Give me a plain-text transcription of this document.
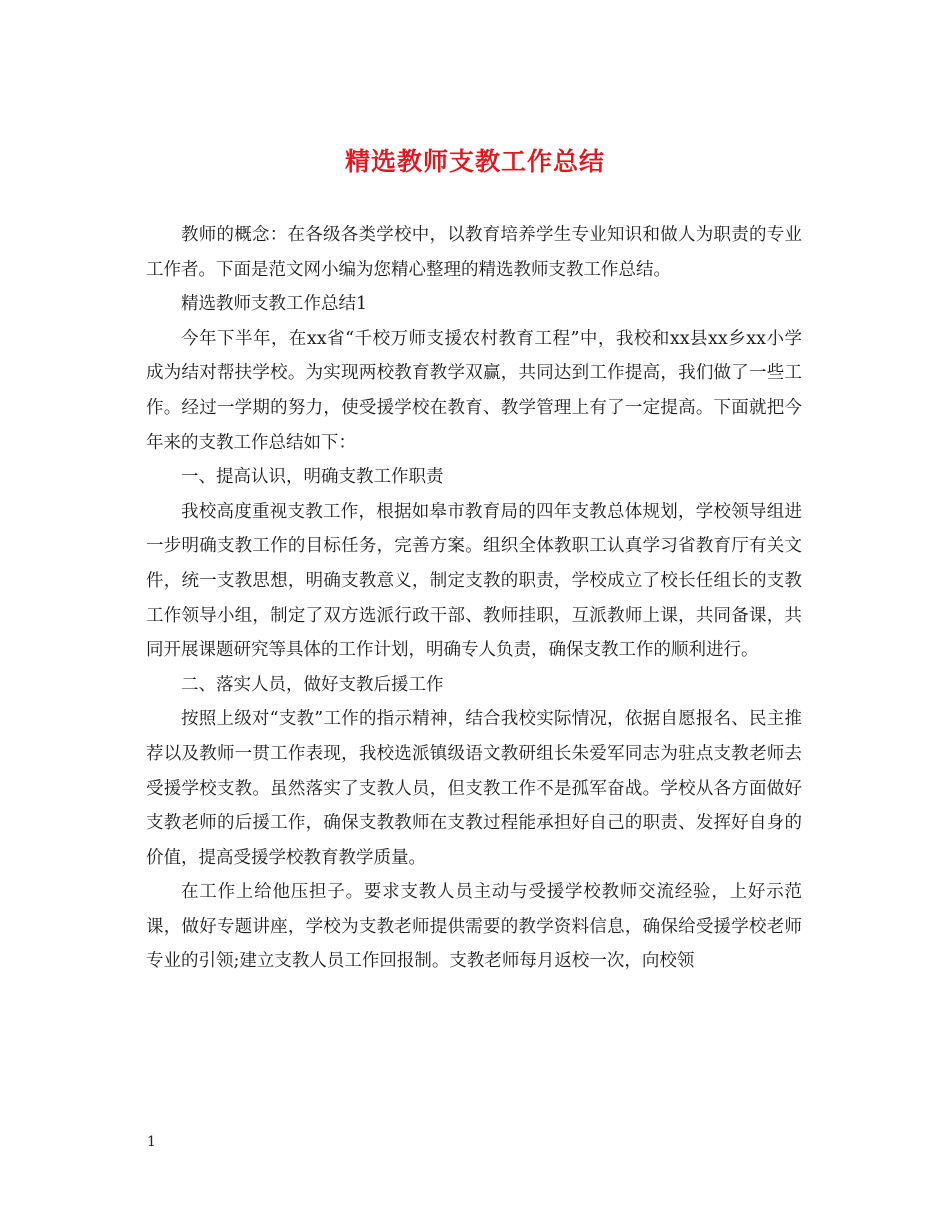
精选教师支教工作总结

教师的概念：在各级各类学校中，以教育培养学生专业知识和做人为职责的专业工作者。下面是范文网小编为您精心整理的精选教师支教工作总结。

精选教师支教工作总结1

今年下半年，在xx省“千校万师支援农村教育工程”中，我校和xx县xx乡xx小学成为结对帮扶学校。为实现两校教育教学双赢，共同达到工作提高，我们做了一些工作。经过一学期的努力，使受援学校在教育、教学管理上有了一定提高。下面就把今年来的支教工作总结如下：

一、提高认识，明确支教工作职责

我校高度重视支教工作，根据如皋市教育局的四年支教总体规划，学校领导组进一步明确支教工作的目标任务，完善方案。组织全体教职工认真学习省教育厅有关文件，统一支教思想，明确支教意义，制定支教的职责，学校成立了校长任组长的支教工作领导小组，制定了双方选派行政干部、教师挂职，互派教师上课，共同备课，共同开展课题研究等具体的工作计划，明确专人负责，确保支教工作的顺利进行。

二、落实人员，做好支教后援工作

按照上级对“支教”工作的指示精神，结合我校实际情况，依据自愿报名、民主推荐以及教师一贯工作表现，我校选派镇级语文教研组长朱爱军同志为驻点支教老师去受援学校支教。虽然落实了支教人员，但支教工作不是孤军奋战。学校从各方面做好支教老师的后援工作，确保支教教师在支教过程能承担好自己的职责、发挥好自身的价值，提高受援学校教育教学质量。

在工作上给他压担子。要求支教人员主动与受援学校教师交流经验，上好示范课，做好专题讲座，学校为支教老师提供需要的教学资料信息，确保给受援学校老师专业的引领;建立支教人员工作回报制。支教老师每月返校一次，向校领

1
